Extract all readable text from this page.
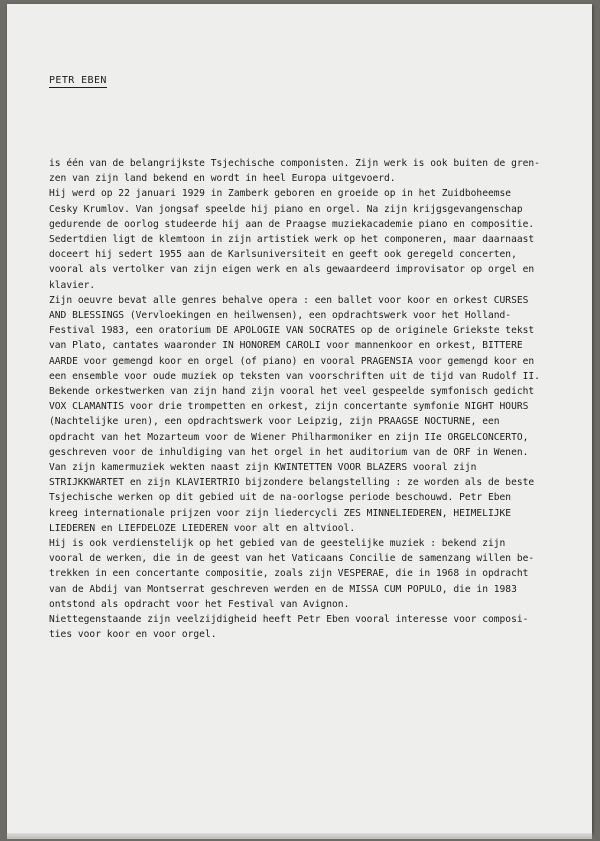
PETR EBEN
is één van de belangrijkste Tsjechische componisten. Zijn werk is ook buiten de gren-
zen van zijn land bekend en wordt in heel Europa uitgevoerd.
Hij werd op 22 januari 1929 in Zamberk geboren en groeide op in het Zuidboheemse
Cesky Krumlov. Van jongsaf speelde hij piano en orgel. Na zijn krijgsgevangenschap
gedurende de oorlog studeerde hij aan de Praagse muziekacademie piano en compositie.
Sedertdien ligt de klemtoon in zijn artistiek werk op het componeren, maar daarnaast
doceert hij sedert 1955 aan de Karlsuniversiteit en geeft ook geregeld concerten,
vooral als vertolker van zijn eigen werk en als gewaardeerd improvisator op orgel en
klavier.
Zijn oeuvre bevat alle genres behalve opera : een ballet voor koor en orkest CURSES
AND BLESSINGS (Vervloekingen en heilwensen), een opdrachtswerk voor het Holland-
Festival 1983, een oratorium DE APOLOGIE VAN SOCRATES op de originele Griekste tekst
van Plato, cantates waaronder IN HONOREM CAROLI voor mannenkoor en orkest, BITTERE
AARDE voor gemengd koor en orgel (of piano) en vooral PRAGENSIA voor gemengd koor en
een ensemble voor oude muziek op teksten van voorschriften uit de tijd van Rudolf II.
Bekende orkestwerken van zijn hand zijn vooral het veel gespeelde symfonisch gedicht
VOX CLAMANTIS voor drie trompetten en orkest, zijn concertante symfonie NIGHT HOURS
(Nachtelijke uren), een opdrachtswerk voor Leipzig, zijn PRAAGSE NOCTURNE, een
opdracht van het Mozarteum voor de Wiener Philharmoniker en zijn IIe ORGELCONCERTO,
geschreven voor de inhuldiging van het orgel in het auditorium van de ORF in Wenen.
Van zijn kamermuziek wekten naast zijn KWINTETTEN VOOR BLAZERS vooral zijn
STRIJKKWARTET en zijn KLAVIERTRIO bijzondere belangstelling : ze worden als de beste
Tsjechische werken op dit gebied uit de na-oorlogse periode beschouwd. Petr Eben
kreeg internationale prijzen voor zijn liedercycli ZES MINNELIEDEREN, HEIMELIJKE
LIEDEREN en LIEFDELOZE LIEDEREN voor alt en altviool.
Hij is ook verdienstelijk op het gebied van de geestelijke muziek : bekend zijn
vooral de werken, die in de geest van het Vaticaans Concilie de samenzang willen be-
trekken in een concertante compositie, zoals zijn VESPERAE, die in 1968 in opdracht
van de Abdij van Montserrat geschreven werden en de MISSA CUM POPULO, die in 1983
ontstond als opdracht voor het Festival van Avignon.
Niettegenstaande zijn veelzijdigheid heeft Petr Eben vooral interesse voor composi-
ties voor koor en voor orgel.
